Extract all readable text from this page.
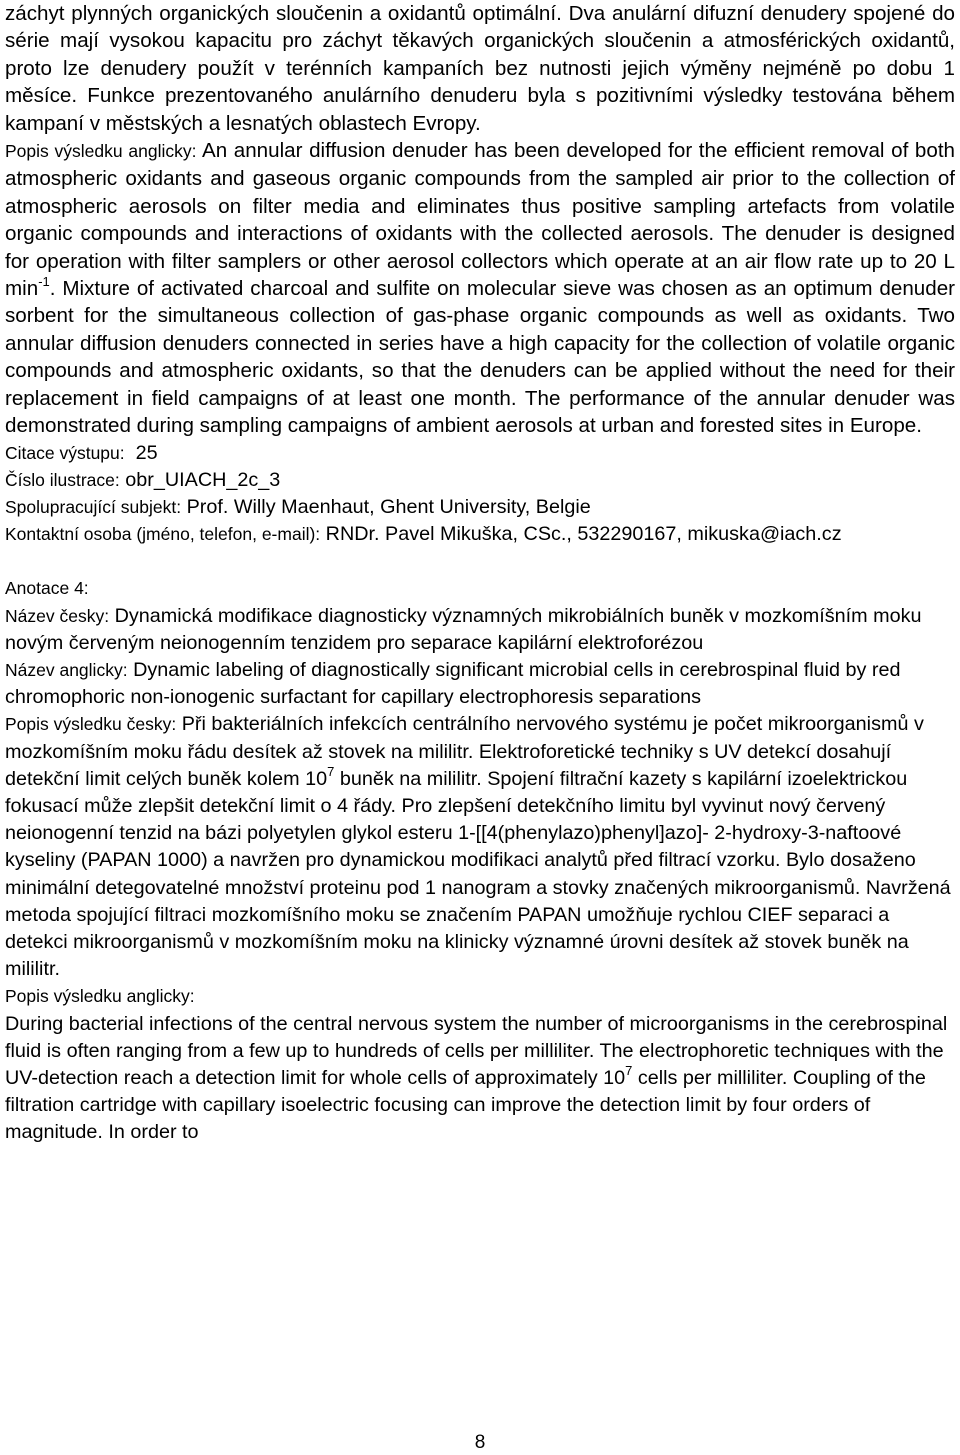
záchyt plynných organických sloučenin a oxidantů optimální. Dva anulární difuzní denudery spojené do série mají vysokou kapacitu pro záchyt těkavých organických sloučenin a atmosférických oxidantů, proto lze denudery použít v terénních kampaních bez nutnosti jejich výměny nejméně po dobu 1 měsíce. Funkce prezentovaného anulárního denuderu byla s pozitivními výsledky testována během kampaní v městských a lesnatých oblastech Evropy.

Popis výsledku anglicky: An annular diffusion denuder has been developed for the efficient removal of both atmospheric oxidants and gaseous organic compounds from the sampled air prior to the collection of atmospheric aerosols on filter media and eliminates thus positive sampling artefacts from volatile organic compounds and interactions of oxidants with the collected aerosols. The denuder is designed for operation with filter samplers or other aerosol collectors which operate at an air flow rate up to 20 L $\min^{-1}$. Mixture of activated charcoal and sulfite on molecular sieve was chosen as an optimum denuder sorbent for the simultaneous collection of gas-phase organic compounds as well as oxidants. Two annular diffusion denuders connected in series have a high capacity for the collection of volatile organic compounds and atmospheric oxidants, so that the denuders can be applied without the need for their replacement in field campaigns of at least one month. The performance of the annular denuder was demonstrated during sampling campaigns of ambient aerosols at urban and forested sites in Europe.

Citace výstupu: 25

Číslo ilustrace: obr_UIACH_2c_3

Spolupracující subjekt: Prof. Willy Maenhaut, Ghent University, Belgie

Kontaktní osoba (jméno, telefon, e-mail): RNDr. Pavel Mikuška, CSc., 532290167, mikuska@iach.cz

Anotace 4:

Název česky: Dynamická modifikace diagnosticky významných mikrobiálních buněk v mozkomíšním moku novým červeným neionogenním tenzidem pro separace kapilární elektroforézou

Název anglicky: Dynamic labeling of diagnostically significant microbial cells in cerebrospinal fluid by red chromophoric non-ionogenic surfactant for capillary electrophoresis separations

Popis výsledku česky: Při bakteriálních infekcích centrálního nervového systému je počet mikroorganismů v mozkomíšním moku řádu desítek až stovek na mililitr. Elektroforetické techniky s UV detekcí dosahují detekční limit celých buněk kolem $10^7$ buněk na mililitr. Spojení filtrační kazety s kapilární izoelektrickou fokusací může zlepšit detekční limit o 4 řády. Pro zlepšení detekčního limitu byl vyvinut nový červený neionogenní tenzid na bázi polyetylen glykol esteru 1-[[4(phenylazo)phenyl]azo]- 2-hydroxy-3-naftoové kyseliny (PAPAN 1000) a navržen pro dynamickou modifikaci analytů před filtrací vzorku. Bylo dosaženo minimální detegovatelné množství proteinu pod 1 nanogram a stovky značených mikroorganismů. Navržená metoda spojující filtraci mozkomíšního moku se značením PAPAN umožňuje rychlou CIEF separaci a detekci mikroorganismů v mozkomíšním moku na klinicky významné úrovni desítek až stovek buněk na mililitr.

Popis výsledku anglicky:

During bacterial infections of the central nervous system the number of microorganisms in the cerebrospinal fluid is often ranging from a few up to hundreds of cells per milliliter. The electrophoretic techniques with the UV-detection reach a detection limit for whole cells of approximately $10^7$ cells per milliliter. Coupling of the filtration cartridge with capillary isoelectric focusing can improve the detection limit by four orders of magnitude. In order to

8
